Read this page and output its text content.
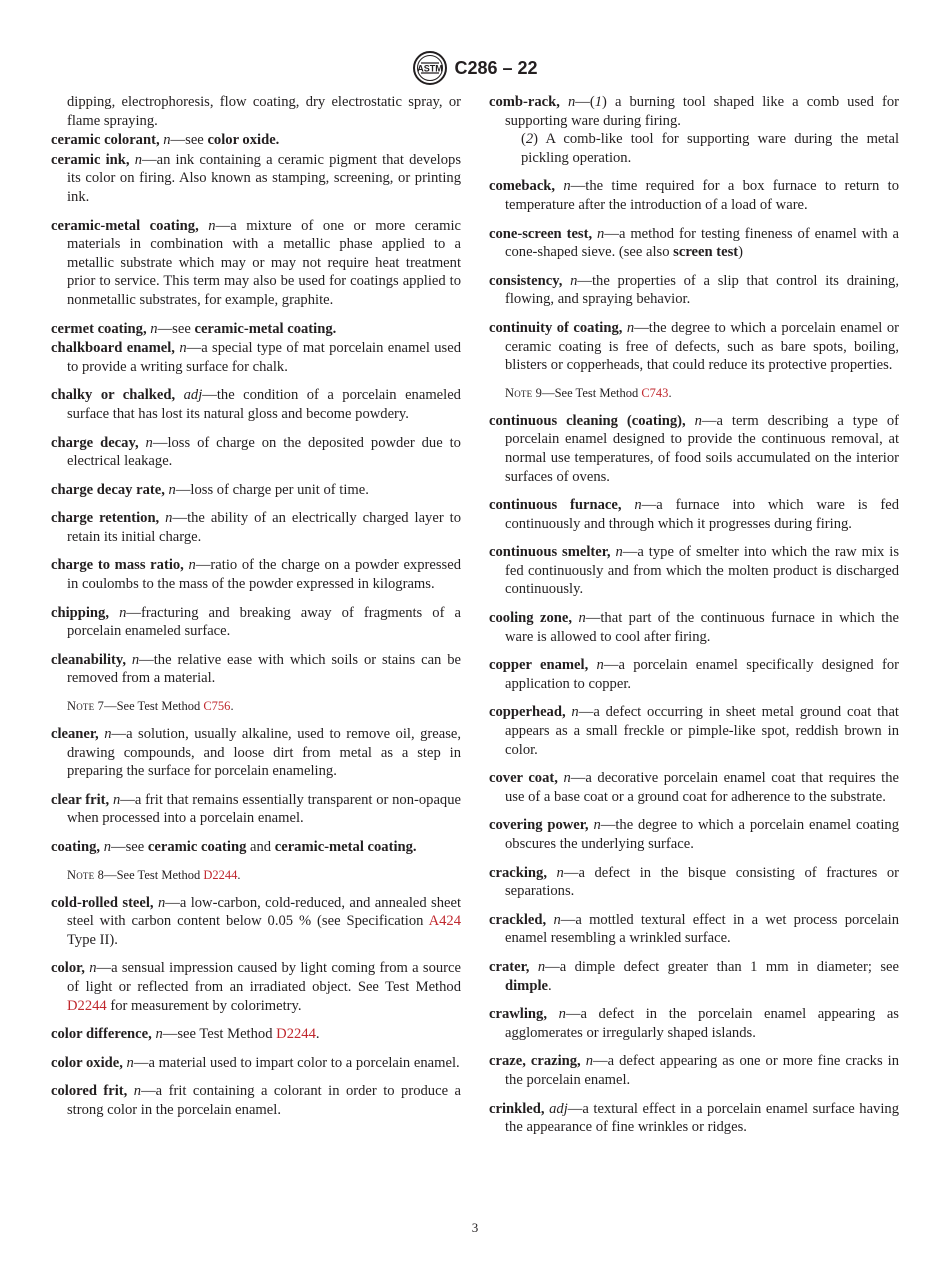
ASTM C286 – 22
dipping, electrophoresis, flow coating, dry electrostatic spray, or flame spraying.
ceramic colorant, n—see color oxide.
ceramic ink, n—an ink containing a ceramic pigment that develops its color on firing. Also known as stamping, screening, or printing ink.
ceramic-metal coating, n—a mixture of one or more ceramic materials in combination with a metallic phase applied to a metallic substrate which may or may not require heat treatment prior to service. This term may also be used for coatings applied to nonmetallic substrates, for example, graphite.
cermet coating, n—see ceramic-metal coating.
chalkboard enamel, n—a special type of mat porcelain enamel used to provide a writing surface for chalk.
chalky or chalked, adj—the condition of a porcelain enameled surface that has lost its natural gloss and become powdery.
charge decay, n—loss of charge on the deposited powder due to electrical leakage.
charge decay rate, n—loss of charge per unit of time.
charge retention, n—the ability of an electrically charged layer to retain its initial charge.
charge to mass ratio, n—ratio of the charge on a powder expressed in coulombs to the mass of the powder expressed in kilograms.
chipping, n—fracturing and breaking away of fragments of a porcelain enameled surface.
cleanability, n—the relative ease with which soils or stains can be removed from a material.
Note 7—See Test Method C756.
cleaner, n—a solution, usually alkaline, used to remove oil, grease, drawing compounds, and loose dirt from metal as a step in preparing the surface for porcelain enameling.
clear frit, n—a frit that remains essentially transparent or non-opaque when processed into a porcelain enamel.
coating, n—see ceramic coating and ceramic-metal coating.
Note 8—See Test Method D2244.
cold-rolled steel, n—a low-carbon, cold-reduced, and annealed sheet steel with carbon content below 0.05 % (see Specification A424 Type II).
color, n—a sensual impression caused by light coming from a source of light or reflected from an irradiated object. See Test Method D2244 for measurement by colorimetry.
color difference, n—see Test Method D2244.
color oxide, n—a material used to impart color to a porcelain enamel.
colored frit, n—a frit containing a colorant in order to produce a strong color in the porcelain enamel.
comb-rack, n—(1) a burning tool shaped like a comb used for supporting ware during firing.
(2) A comb-like tool for supporting ware during the metal pickling operation.
comeback, n—the time required for a box furnace to return to temperature after the introduction of a load of ware.
cone-screen test, n—a method for testing fineness of enamel with a cone-shaped sieve. (see also screen test)
consistency, n—the properties of a slip that control its draining, flowing, and spraying behavior.
continuity of coating, n—the degree to which a porcelain enamel or ceramic coating is free of defects, such as bare spots, boiling, blisters or copperheads, that could reduce its protective properties.
Note 9—See Test Method C743.
continuous cleaning (coating), n—a term describing a type of porcelain enamel designed to provide the continuous removal, at normal use temperatures, of food soils accumulated on the interior surfaces of ovens.
continuous furnace, n—a furnace into which ware is fed continuously and through which it progresses during firing.
continuous smelter, n—a type of smelter into which the raw mix is fed continuously and from which the molten product is discharged continuously.
cooling zone, n—that part of the continuous furnace in which the ware is allowed to cool after firing.
copper enamel, n—a porcelain enamel specifically designed for application to copper.
copperhead, n—a defect occurring in sheet metal ground coat that appears as a small freckle or pimple-like spot, reddish brown in color.
cover coat, n—a decorative porcelain enamel coat that requires the use of a base coat or a ground coat for adherence to the substrate.
covering power, n—the degree to which a porcelain enamel coating obscures the underlying surface.
cracking, n—a defect in the bisque consisting of fractures or separations.
crackled, n—a mottled textural effect in a wet process porcelain enamel resembling a wrinkled surface.
crater, n—a dimple defect greater than 1 mm in diameter; see dimple.
crawling, n—a defect in the porcelain enamel appearing as agglomerates or irregularly shaped islands.
craze, crazing, n—a defect appearing as one or more fine cracks in the porcelain enamel.
crinkled, adj—a textural effect in a porcelain enamel surface having the appearance of fine wrinkles or ridges.
3
